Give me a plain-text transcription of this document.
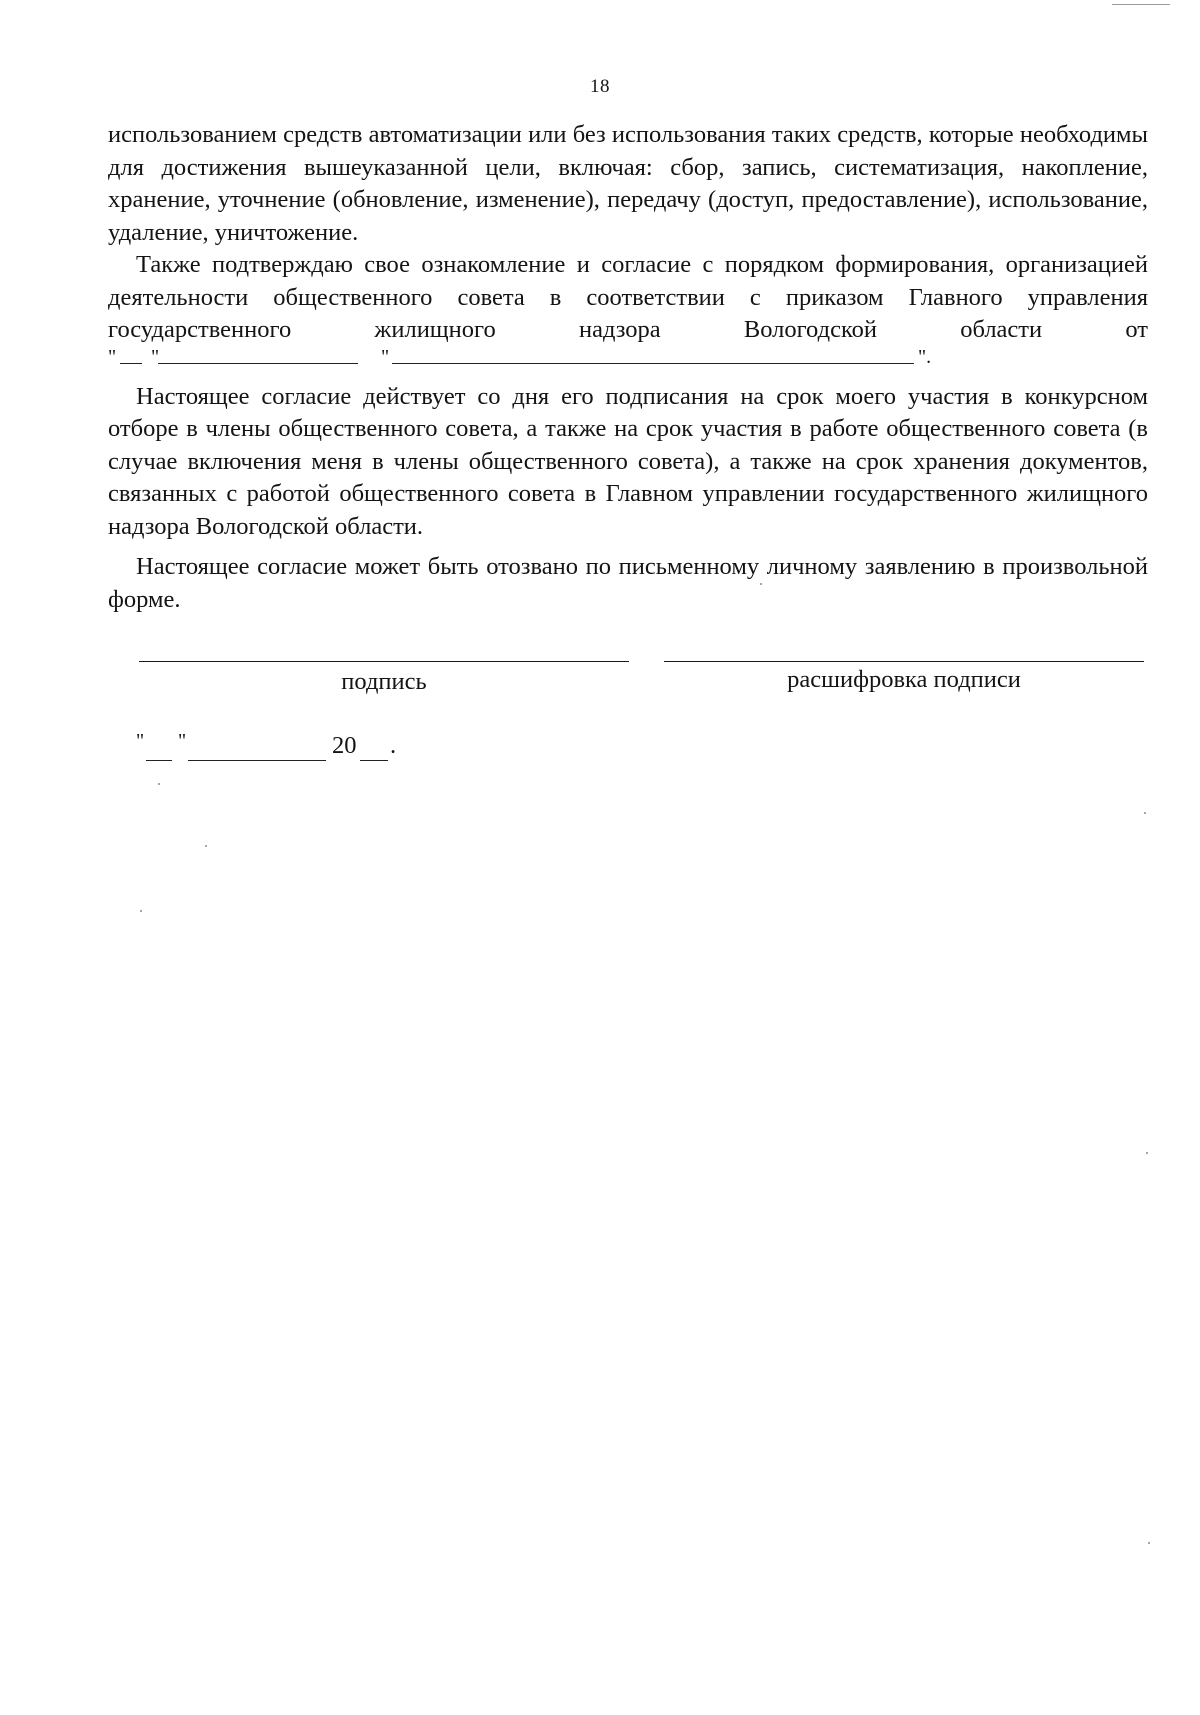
18

использованием средств автоматизации или без использования таких средств, которые необходимы для достижения вышеуказанной цели, включая: сбор, запись, систематизация, накопление, хранение, уточнение (обновление, изменение), передачу (доступ, предоставление), использование, удаление, уничтожение.

Также подтверждаю свое ознакомление и согласие с порядком формирования, организацией деятельности общественного совета в соответствии с приказом Главного управления государственного жилищного надзора Вологодской области от

" "	"	".

Настоящее согласие действует со дня его подписания на срок моего участия в конкурсном отборе в члены общественного совета, а также на срок участия в работе общественного совета (в случае включения меня в члены общественного совета), а также на срок хранения документов, связанных с работой общественного совета в Главном управлении государственного жилищного надзора Вологодской области.

Настоящее согласие может быть отозвано по письменному личному заявлению в произвольной форме.

подпись	расшифровка подписи
" "	20 .
